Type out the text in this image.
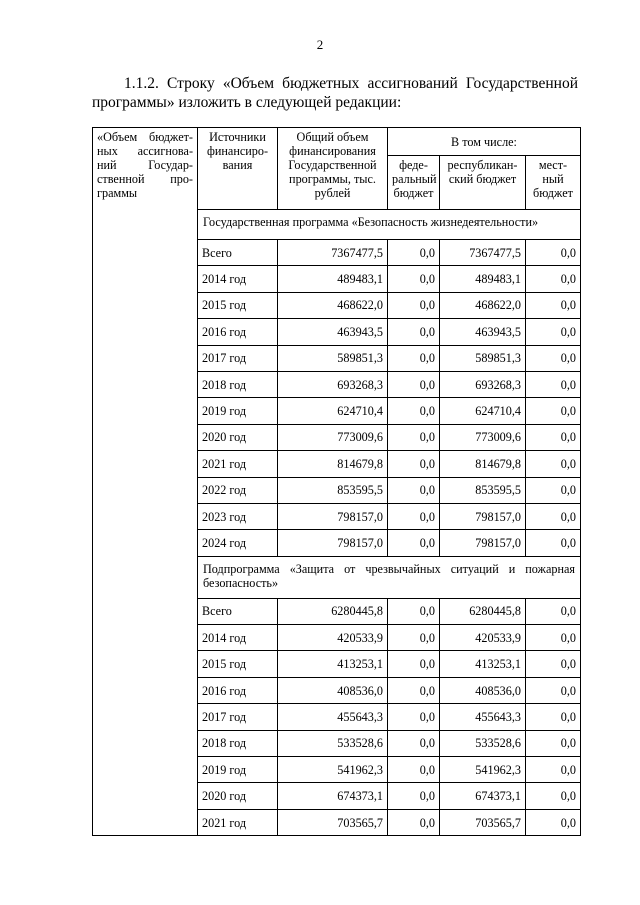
2
1.1.2. Строку «Объем бюджетных ассигнований Государственной программы» изложить в следующей редакции:
«Объем бюджет-ных ассигнова-ний Государ-ственной про-граммы	Источники финансиро-вания	Общий объем финансирования Государственной программы, тыс. рублей	В том числе:		
			феде-ральный бюджет	республикан-ский бюджет	мест-ный бюджет
	Государственная программа «Безопасность жизнедеятельности»				
	Всего	7367477,5	0,0	7367477,5	0,0
	2014 год	489483,1	0,0	489483,1	0,0
	2015 год	468622,0	0,0	468622,0	0,0
	2016 год	463943,5	0,0	463943,5	0,0
	2017 год	589851,3	0,0	589851,3	0,0
	2018 год	693268,3	0,0	693268,3	0,0
	2019 год	624710,4	0,0	624710,4	0,0
	2020 год	773009,6	0,0	773009,6	0,0
	2021 год	814679,8	0,0	814679,8	0,0
	2022 год	853595,5	0,0	853595,5	0,0
	2023 год	798157,0	0,0	798157,0	0,0
	2024 год	798157,0	0,0	798157,0	0,0
	Подпрограмма «Защита от чрезвычайных ситуаций и пожарная безопасность»				
	Всего	6280445,8	0,0	6280445,8	0,0
	2014 год	420533,9	0,0	420533,9	0,0
	2015 год	413253,1	0,0	413253,1	0,0
	2016 год	408536,0	0,0	408536,0	0,0
	2017 год	455643,3	0,0	455643,3	0,0
	2018 год	533528,6	0,0	533528,6	0,0
	2019 год	541962,3	0,0	541962,3	0,0
	2020 год	674373,1	0,0	674373,1	0,0
	2021 год	703565,7	0,0	703565,7	0,0
